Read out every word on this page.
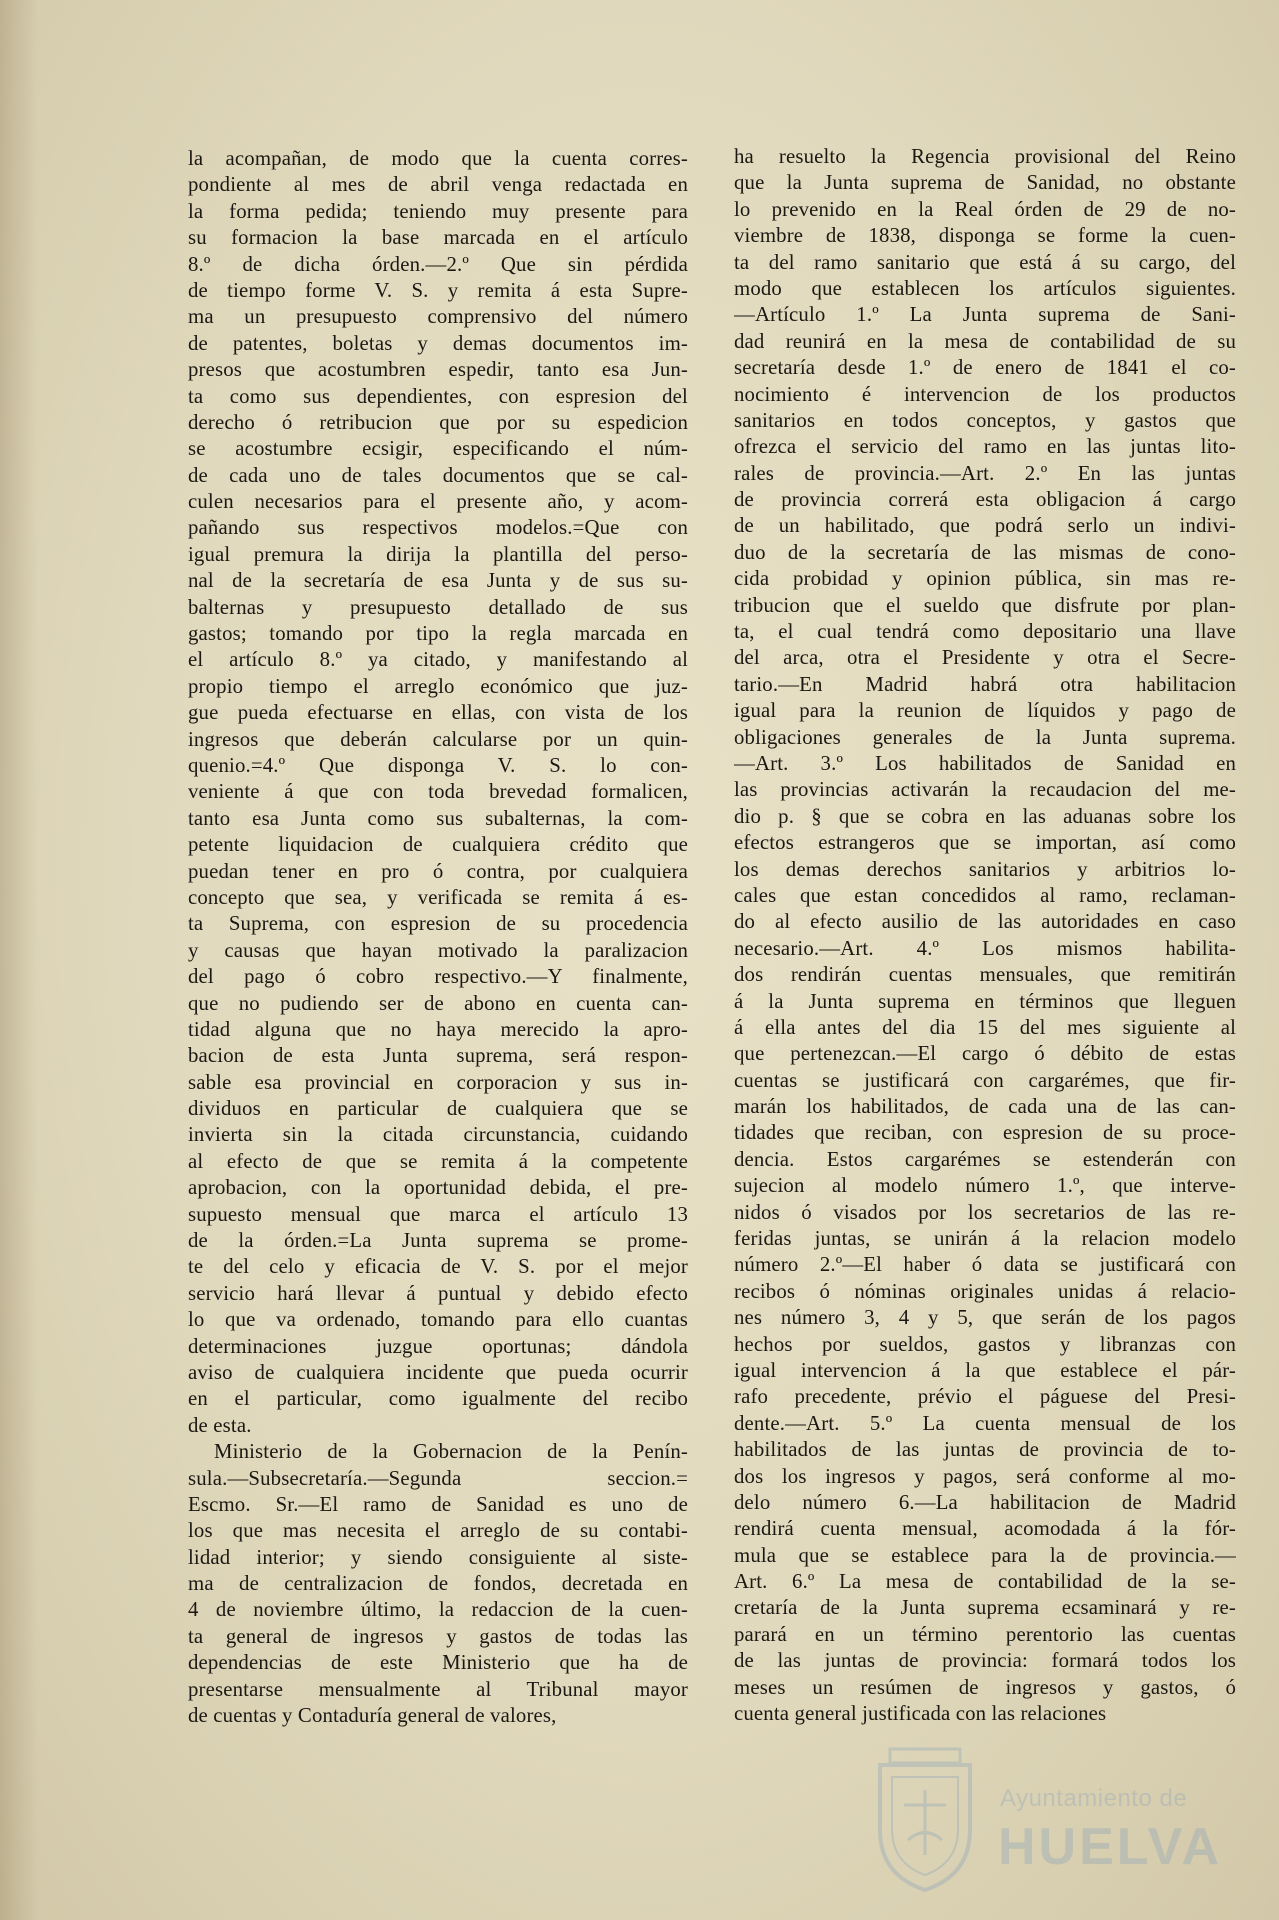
la acompañan, de modo que la cuenta corres-
pondiente al mes de abril venga redactada en
la forma pedida; teniendo muy presente para
su formacion la base marcada en el artículo
8.º de dicha órden.—2.º Que sin pérdida
de tiempo forme V. S. y remita á esta Supre-
ma un presupuesto comprensivo del número
de patentes, boletas y demas documentos im-
presos que acostumbren espedir, tanto esa Jun-
ta como sus dependientes, con espresion del
derecho ó retribucion que por su espedicion
se acostumbre ecsigir, especificando el núm-
de cada uno de tales documentos que se cal-
culen necesarios para el presente año, y acom-
pañando sus respectivos modelos.=Que con
igual premura la dirija la plantilla del perso-
nal de la secretaría de esa Junta y de sus su-
balternas y presupuesto detallado de sus
gastos; tomando por tipo la regla marcada en
el artículo 8.º ya citado, y manifestando al
propio tiempo el arreglo económico que juz-
gue pueda efectuarse en ellas, con vista de los
ingresos que deberán calcularse por un quin-
quenio.=4.º Que disponga V. S. lo con-
veniente á que con toda brevedad formalicen,
tanto esa Junta como sus subalternas, la com-
petente liquidacion de cualquiera crédito que
puedan tener en pro ó contra, por cualquiera
concepto que sea, y verificada se remita á es-
ta Suprema, con espresion de su procedencia
y causas que hayan motivado la paralizacion
del pago ó cobro respectivo.—Y finalmente,
que no pudiendo ser de abono en cuenta can-
tidad alguna que no haya merecido la apro-
bacion de esta Junta suprema, será respon-
sable esa provincial en corporacion y sus in-
dividuos en particular de cualquiera que se
invierta sin la citada circunstancia, cuidando
al efecto de que se remita á la competente
aprobacion, con la oportunidad debida, el pre-
supuesto mensual que marca el artículo 13
de la órden.=La Junta suprema se prome-
te del celo y eficacia de V. S. por el mejor
servicio hará llevar á puntual y debido efecto
lo que va ordenado, tomando para ello cuantas
determinaciones juzgue oportunas; dándola
aviso de cualquiera incidente que pueda ocurrir
en el particular, como igualmente del recibo
de esta.
Ministerio de la Gobernacion de la Penín-
sula.—Subsecretaría.—Segunda seccion.=
Escmo. Sr.—El ramo de Sanidad es uno de
los que mas necesita el arreglo de su contabi-
lidad interior; y siendo consiguiente al siste-
ma de centralizacion de fondos, decretada en
4 de noviembre último, la redaccion de la cuen-
ta general de ingresos y gastos de todas las
dependencias de este Ministerio que ha de
presentarse mensualmente al Tribunal mayor
de cuentas y Contaduría general de valores,
ha resuelto la Regencia provisional del Reino
que la Junta suprema de Sanidad, no obstante
lo prevenido en la Real órden de 29 de no-
viembre de 1838, disponga se forme la cuen-
ta del ramo sanitario que está á su cargo, del
modo que establecen los artículos siguientes.
—Artículo 1.º La Junta suprema de Sani-
dad reunirá en la mesa de contabilidad de su
secretaría desde 1.º de enero de 1841 el co-
nocimiento é intervencion de los productos
sanitarios en todos conceptos, y gastos que
ofrezca el servicio del ramo en las juntas lito-
rales de provincia.—Art. 2.º En las juntas
de provincia correrá esta obligacion á cargo
de un habilitado, que podrá serlo un indivi-
duo de la secretaría de las mismas de cono-
cida probidad y opinion pública, sin mas re-
tribucion que el sueldo que disfrute por plan-
ta, el cual tendrá como depositario una llave
del arca, otra el Presidente y otra el Secre-
tario.—En Madrid habrá otra habilitacion
igual para la reunion de líquidos y pago de
obligaciones generales de la Junta suprema.
—Art. 3.º Los habilitados de Sanidad en
las provincias activarán la recaudacion del me-
dio p. § que se cobra en las aduanas sobre los
efectos estrangeros que se importan, así como
los demas derechos sanitarios y arbitrios lo-
cales que estan concedidos al ramo, reclaman-
do al efecto ausilio de las autoridades en caso
necesario.—Art. 4.º Los mismos habilita-
dos rendirán cuentas mensuales, que remitirán
á la Junta suprema en términos que lleguen
á ella antes del dia 15 del mes siguiente al
que pertenezcan.—El cargo ó débito de estas
cuentas se justificará con cargarémes, que fir-
marán los habilitados, de cada una de las can-
tidades que reciban, con espresion de su proce-
dencia. Estos cargarémes se estenderán con
sujecion al modelo número 1.º, que interve-
nidos ó visados por los secretarios de las re-
feridas juntas, se unirán á la relacion modelo
número 2.º—El haber ó data se justificará con
recibos ó nóminas originales unidas á relacio-
nes número 3, 4 y 5, que serán de los pagos
hechos por sueldos, gastos y libranzas con
igual intervencion á la que establece el pár-
rafo precedente, prévio el páguese del Presi-
dente.—Art. 5.º La cuenta mensual de los
habilitados de las juntas de provincia de to-
dos los ingresos y pagos, será conforme al mo-
delo número 6.—La habilitacion de Madrid
rendirá cuenta mensual, acomodada á la fór-
mula que se establece para la de provincia.—
Art. 6.º La mesa de contabilidad de la se-
cretaría de la Junta suprema ecsaminará y re-
parará en un término perentorio las cuentas
de las juntas de provincia: formará todos los
meses un resúmen de ingresos y gastos, ó
cuenta general justificada con las relaciones
Ayuntamiento de
HUELVA
